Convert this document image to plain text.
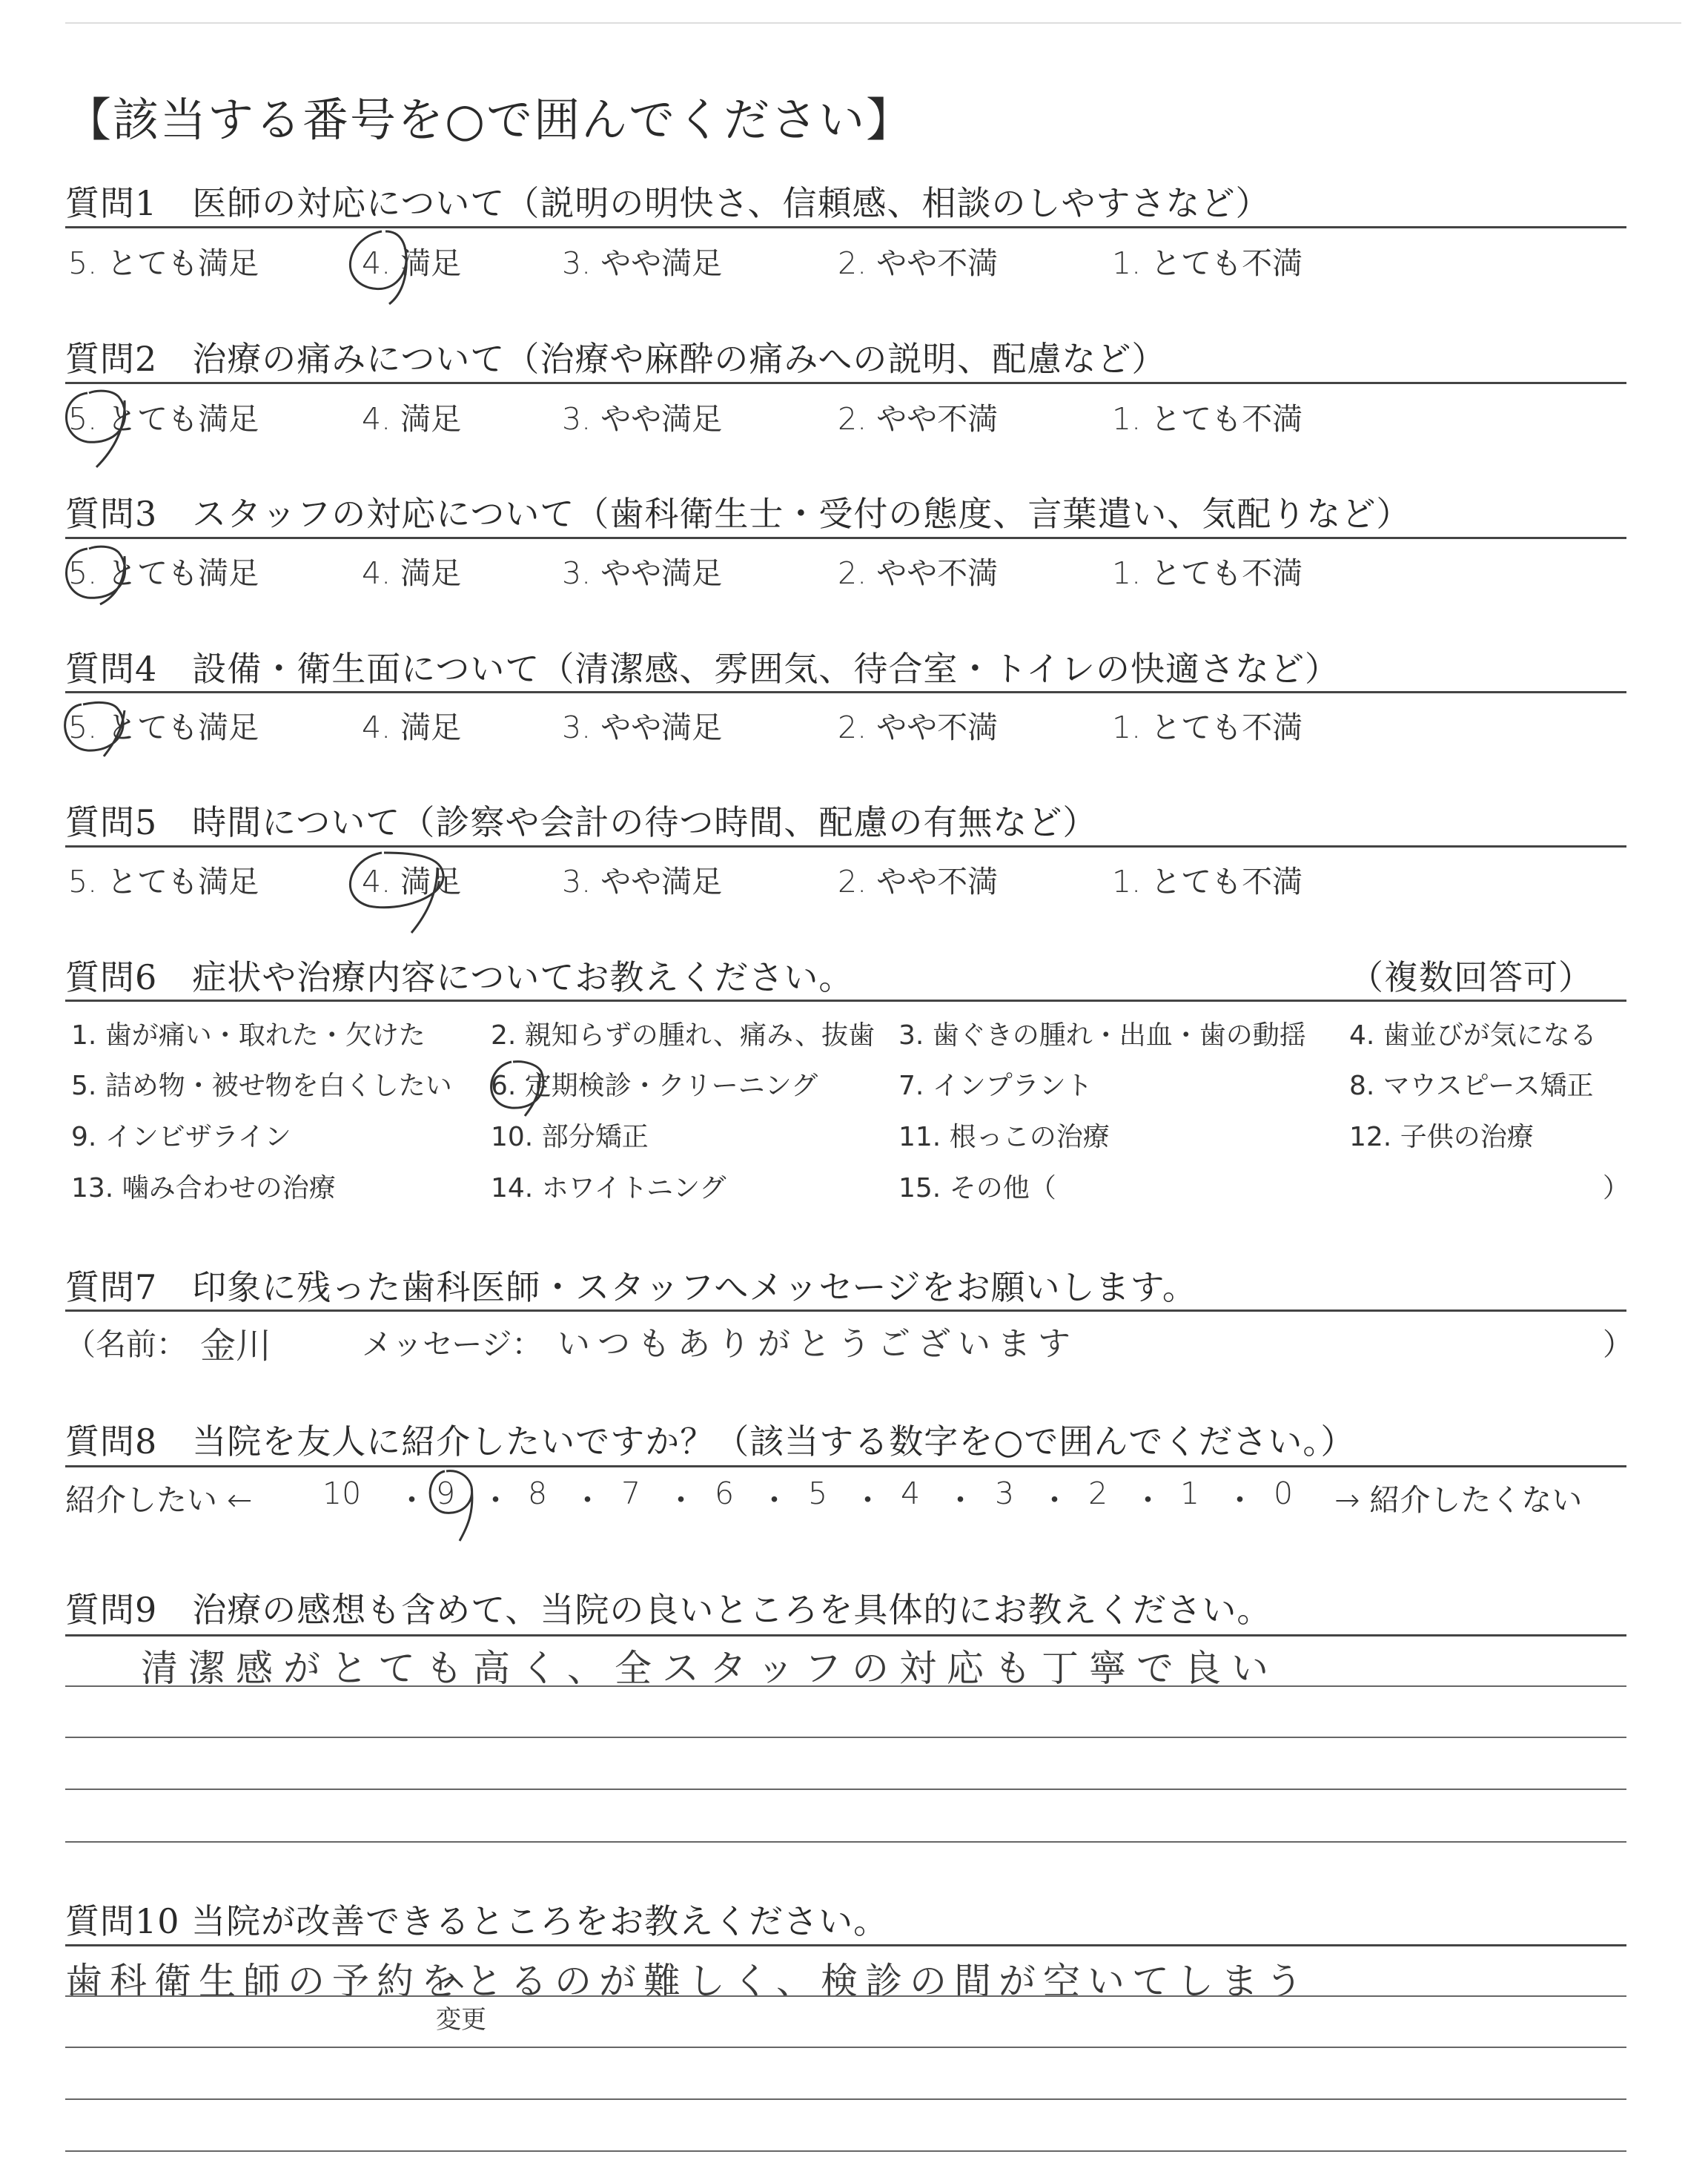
【該当する番号を○で囲んでください】
質問1　医師の対応について（説明の明快さ、信頼感、相談のしやすさなど）
5. とても満足	4. 満足	3. やや満足	2. やや不満	1. とても不満
質問2　治療の痛みについて（治療や麻酔の痛みへの説明、配慮など）
5. とても満足	4. 満足	3. やや満足	2. やや不満	1. とても不満
質問3　スタッフの対応について（歯科衛生士・受付の態度、言葉遣い、気配りなど）
5. とても満足	4. 満足	3. やや満足	2. やや不満	1. とても不満
質問4　設備・衛生面について（清潔感、雰囲気、待合室・トイレの快適さなど）
5. とても満足	4. 満足	3. やや満足	2. やや不満	1. とても不満
質問5　時間について（診察や会計の待つ時間、配慮の有無など）
5. とても満足	4. 満足	3. やや満足	2. やや不満	1. とても不満
質問6　症状や治療内容についてお教えください。	（複数回答可）
1. 歯が痛い・取れた・欠けた 2. 親知らずの腫れ、痛み、抜歯 3. 歯ぐきの腫れ・出血・歯の動揺 4. 歯並びが気になる
5. 詰め物・被せ物を白くしたい 6. 定期検診・クリーニング	7. インプラント	8. マウスピース矯正
9. インビザライン	10. 部分矯正	11. 根っこの治療	12. 子供の治療
13. 噛み合わせの治療	14. ホワイトニング	15. その他（	）
質問7　印象に残った歯科医師・スタッフへメッセージをお願いします。
（名前： 金川	メッセージ： いつもありがとうございます	）
質問8　当院を友人に紹介したいですか？（該当する数字を○で囲んでください。）
紹介したい ← 10 ・ 9 ・ 8 ・ 7 ・ 6 ・ 5 ・ 4 ・ 3 ・ 2 ・ 1 ・ 0 → 紹介したくない
質問9　治療の感想も含めて、当院の良いところを具体的にお教えください。
清潔感がとても高く、全スタッフの対応も丁寧で良い
質問10 当院が改善できるところをお教えください。
歯科衛生師の予約をとるのが難しく、検診の間が空いてしまう
変更
